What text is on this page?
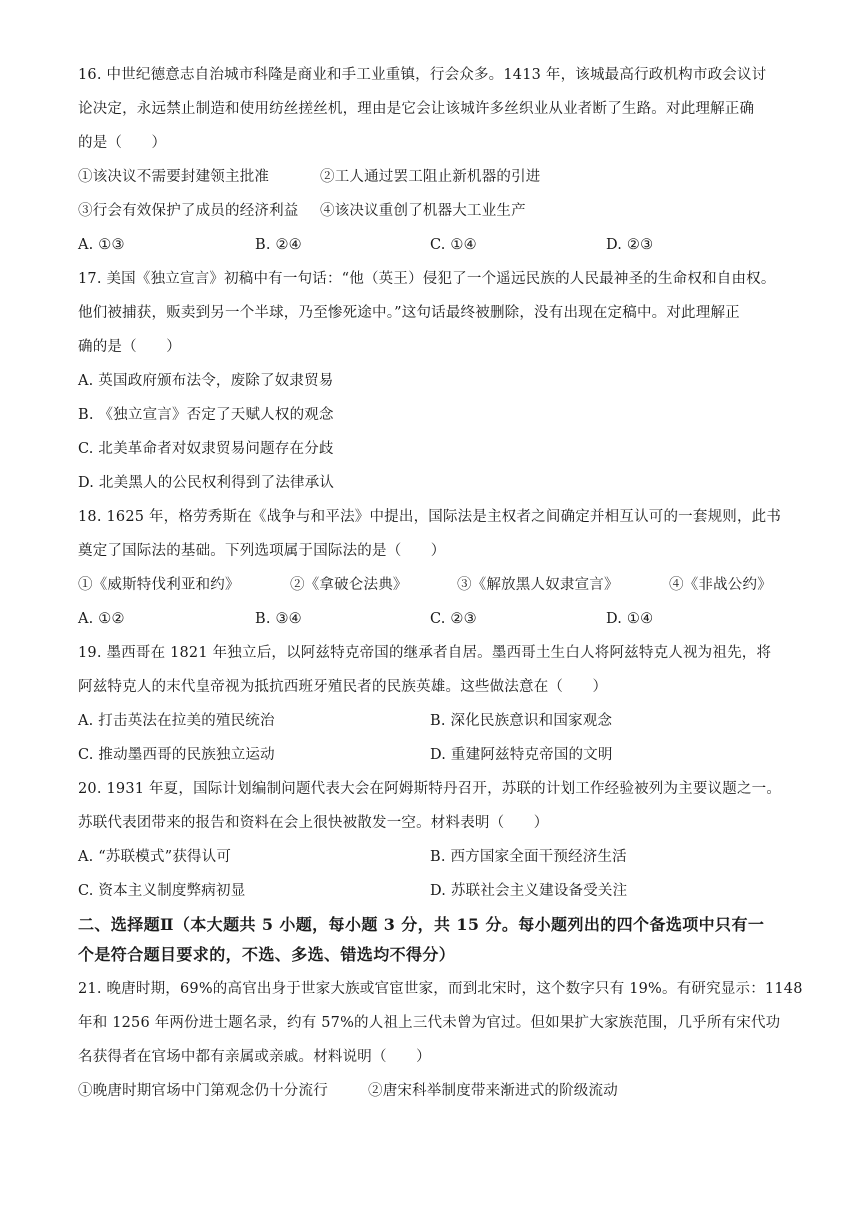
16. 中世纪德意志自治城市科隆是商业和手工业重镇，行会众多。1413 年，该城最高行政机构市政会议讨
论决定，永远禁止制造和使用纺丝搓丝机，理由是它会让该城许多丝织业从业者断了生路。对此理解正确
的是（　　）
①该决议不需要封建领主批准	②工人通过罢工阻止新机器的引进
③行会有效保护了成员的经济利益 ④该决议重创了机器大工业生产
A. ①③	B. ②④	C. ①④	D. ②③
17. 美国《独立宣言》初稿中有一句话：“他（英王）侵犯了一个遥远民族的人民最神圣的生命权和自由权。
他们被捕获，贩卖到另一个半球，乃至惨死途中。”这句话最终被删除，没有出现在定稿中。对此理解正
确的是（　　）
A. 英国政府颁布法令，废除了奴隶贸易
B. 《独立宣言》否定了天赋人权的观念
C. 北美革命者对奴隶贸易问题存在分歧
D. 北美黑人的公民权利得到了法律承认
18. 1625 年，格劳秀斯在《战争与和平法》中提出，国际法是主权者之间确定并相互认可的一套规则，此书
奠定了国际法的基础。下列选项属于国际法的是（　　）
①《威斯特伐利亚和约》	②《拿破仑法典》	③《解放黑人奴隶宣言》	④《非战公约》
A. ①②	B. ③④	C. ②③	D. ①④
19. 墨西哥在 1821 年独立后，以阿兹特克帝国的继承者自居。墨西哥土生白人将阿兹特克人视为祖先，将
阿兹特克人的末代皇帝视为抵抗西班牙殖民者的民族英雄。这些做法意在（　　）
A. 打击英法在拉美的殖民统治	B. 深化民族意识和国家观念
C. 推动墨西哥的民族独立运动	D. 重建阿兹特克帝国的文明
20. 1931 年夏，国际计划编制问题代表大会在阿姆斯特丹召开，苏联的计划工作经验被列为主要议题之一。
苏联代表团带来的报告和资料在会上很快被散发一空。材料表明（　　）
A. “苏联模式”获得认可	B. 西方国家全面干预经济生活
C. 资本主义制度弊病初显	D. 苏联社会主义建设备受关注
二、选择题Ⅱ（本大题共 5 小题，每小题 3 分，共 15 分。每小题列出的四个备选项中只有一
个是符合题目要求的，不选、多选、错选均不得分）
21. 晚唐时期，69%的高官出身于世家大族或官宦世家，而到北宋时，这个数字只有 19%。有研究显示：1148
年和 1256 年两份进士题名录，约有 57%的人祖上三代未曾为官过。但如果扩大家族范围，几乎所有宋代功
名获得者在官场中都有亲属或亲戚。材料说明（　　）
①晚唐时期官场中门第观念仍十分流行	②唐宋科举制度带来渐进式的阶级流动
